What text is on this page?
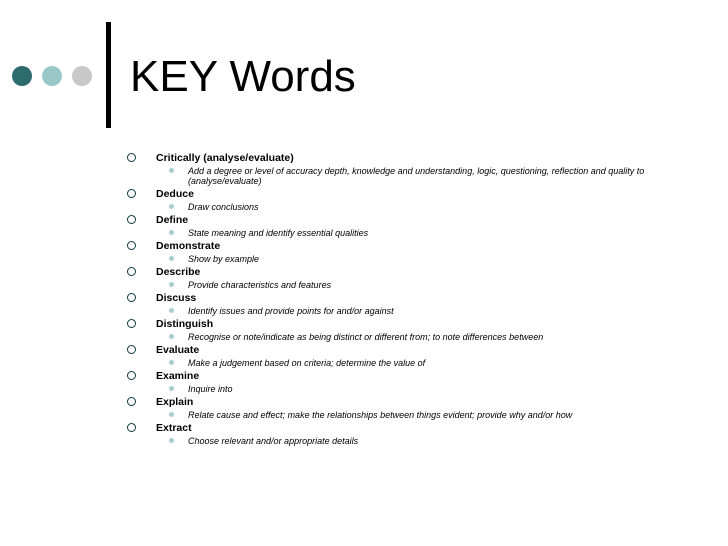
KEY Words
Critically (analyse/evaluate)
Add a degree or level of accuracy depth, knowledge and understanding, logic, questioning, reflection and quality to (analyse/evaluate)
Deduce
Draw conclusions
Define
State meaning and identify essential qualities
Demonstrate
Show by example
Describe
Provide characteristics and features
Discuss
Identify issues and provide points for and/or against
Distinguish
Recognise or note/indicate as being distinct or different from; to note differences between
Evaluate
Make a judgement based on criteria; determine the value of
Examine
Inquire into
Explain
Relate cause and effect; make the relationships between things evident; provide why and/or how
Extract
Choose relevant and/or appropriate details
